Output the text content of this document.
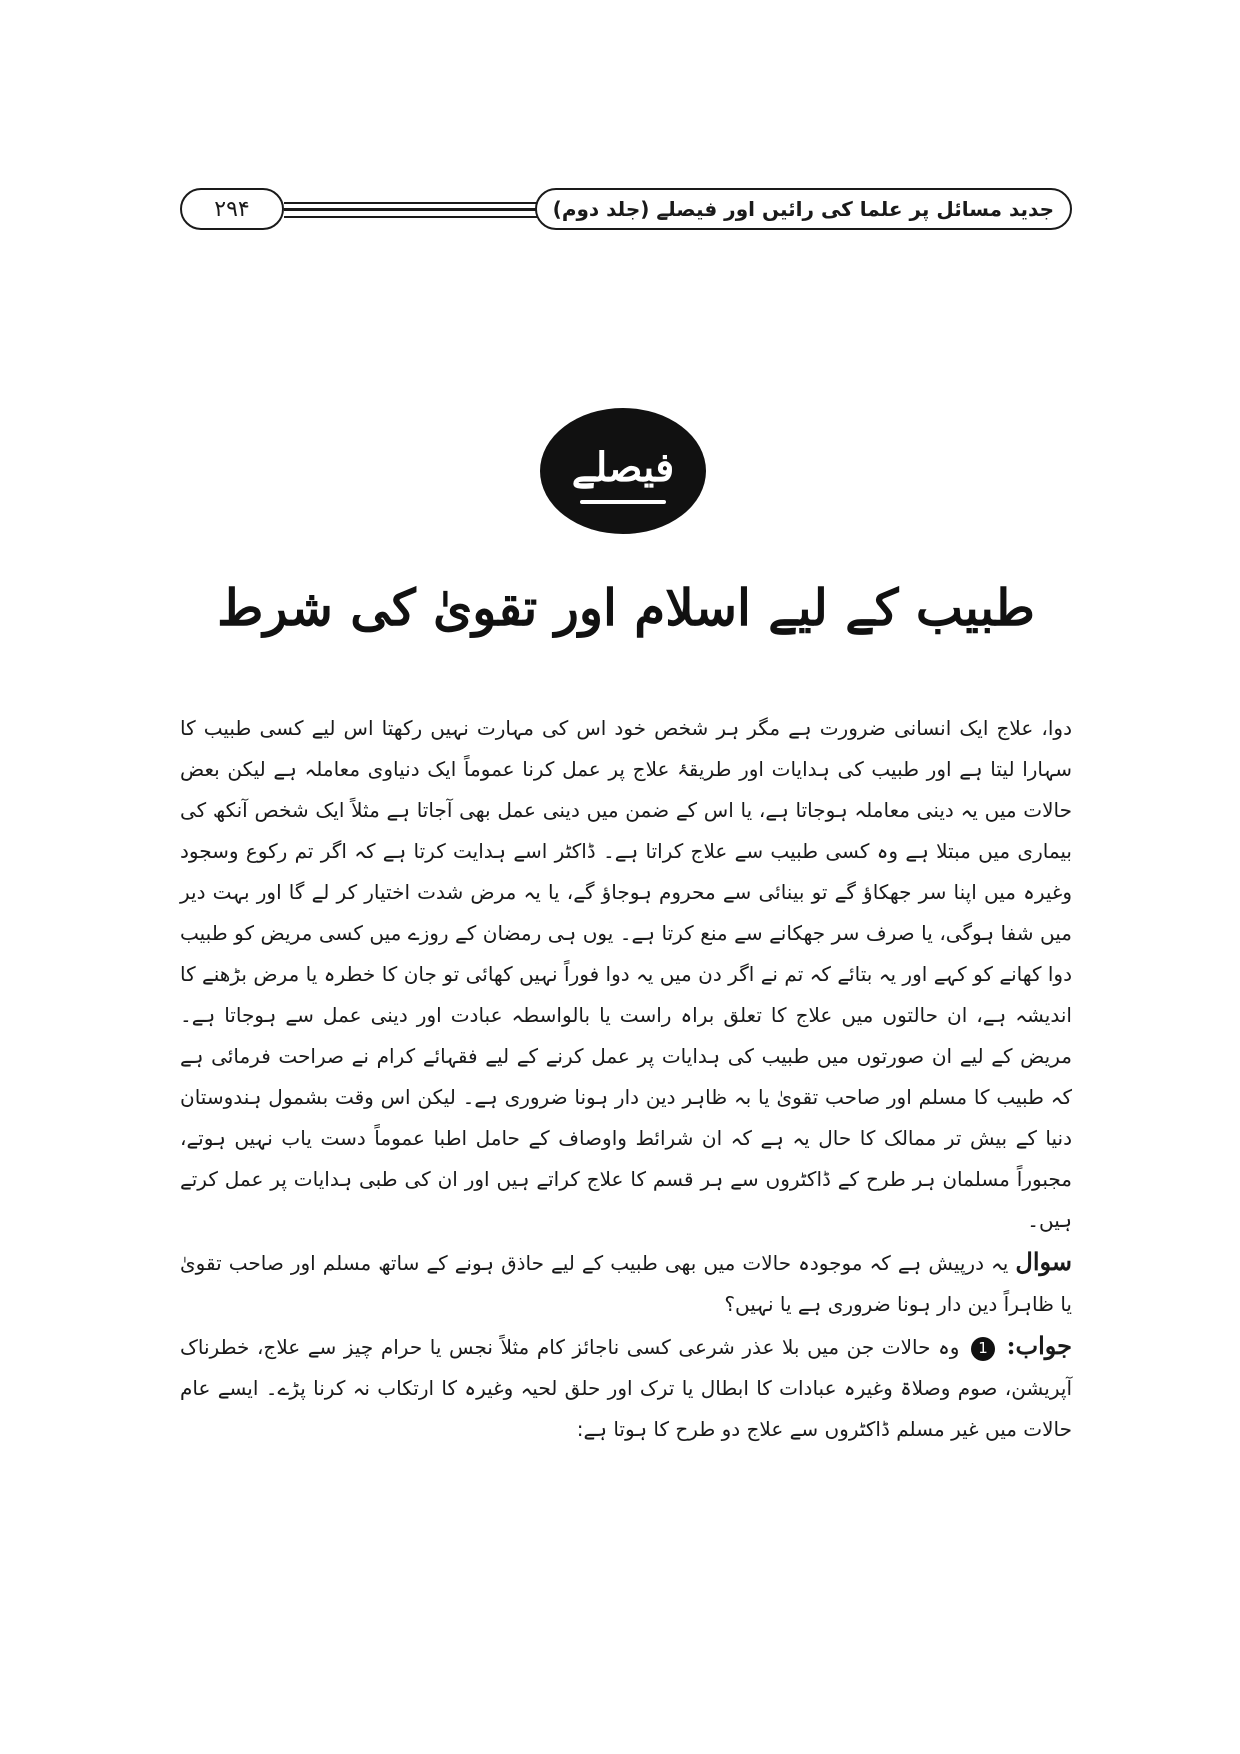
۲۹۴	جدید مسائل پر علما کی رائیں اور فیصلے (جلد دوم)
فیصلے
طبیب کے لیے اسلام اور تقویٰ کی شرط

دوا، علاج ایک انسانی ضرورت ہے مگر ہر شخص خود اس کی مہارت نہیں رکھتا اس لیے کسی طبیب کا سہارا لیتا ہے اور طبیب کی ہدایات اور طریقۂ علاج پر عمل کرنا عموماً ایک دنیاوی معاملہ ہے لیکن بعض حالات میں یہ دینی معاملہ ہوجاتا ہے، یا اس کے ضمن میں دینی عمل بھی آجاتا ہے مثلاً ایک شخص آنکھ کی بیماری میں مبتلا ہے وہ کسی طبیب سے علاج کراتا ہے۔ ڈاکٹر اسے ہدایت کرتا ہے کہ اگر تم رکوع وسجود وغیرہ میں اپنا سر جھکاؤ گے تو بینائی سے محروم ہوجاؤ گے، یا یہ مرض شدت اختیار کر لے گا اور بہت دیر میں شفا ہوگی، یا صرف سر جھکانے سے منع کرتا ہے۔ یوں ہی رمضان کے روزے میں کسی مریض کو طبیب دوا کھانے کو کہے اور یہ بتائے کہ تم نے اگر دن میں یہ دوا فوراً نہیں کھائی تو جان کا خطرہ یا مرض بڑھنے کا اندیشہ ہے، ان حالتوں میں علاج کا تعلق براہ راست یا بالواسطہ عبادت اور دینی عمل سے ہوجاتا ہے۔ مریض کے لیے ان صورتوں میں طبیب کی ہدایات پر عمل کرنے کے لیے فقہائے کرام نے صراحت فرمائی ہے کہ طبیب کا مسلم اور صاحب تقویٰ یا بہ ظاہر دین دار ہونا ضروری ہے۔ لیکن اس وقت بشمول ہندوستان دنیا کے بیش تر ممالک کا حال یہ ہے کہ ان شرائط واوصاف کے حامل اطبا عموماً دست یاب نہیں ہوتے، مجبوراً مسلمان ہر طرح کے ڈاکٹروں سے ہر قسم کا علاج کراتے ہیں اور ان کی طبی ہدایات پر عمل کرتے ہیں۔

سوال یہ درپیش ہے کہ موجودہ حالات میں بھی طبیب کے لیے حاذق ہونے کے ساتھ مسلم اور صاحب تقویٰ یا ظاہراً دین دار ہونا ضروری ہے یا نہیں؟

جواب: 1 وہ حالات جن میں بلا عذر شرعی کسی ناجائز کام مثلاً نجس یا حرام چیز سے علاج، خطرناک آپریشن، صوم وصلاۃ وغیرہ عبادات کا ابطال یا ترک اور حلق لحیہ وغیرہ کا ارتکاب نہ کرنا پڑے۔ ایسے عام حالات میں غیر مسلم ڈاکٹروں سے علاج دو طرح کا ہوتا ہے:
